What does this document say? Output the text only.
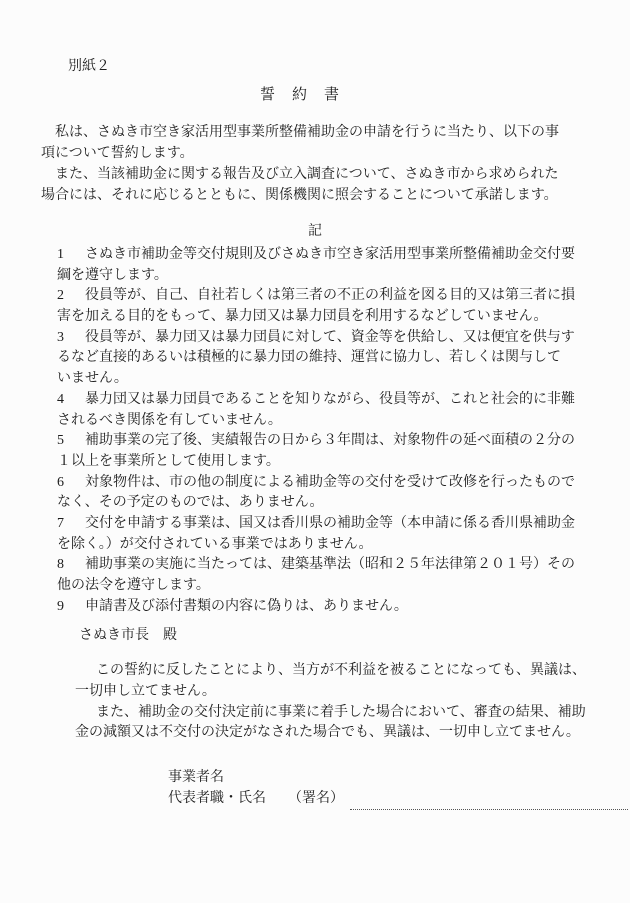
別紙２
誓　約　書
私は、さぬき市空き家活用型事業所整備補助金の申請を行うに当たり、以下の事
項について誓約します。
また、当該補助金に関する報告及び立入調査について、さぬき市から求められた
場合には、それに応じるとともに、関係機関に照会することについて承諾します。
記
1 さぬき市補助金等交付規則及びさぬき市空き家活用型事業所整備補助金交付要
綱を遵守します。
2 役員等が、自己、自社若しくは第三者の不正の利益を図る目的又は第三者に損
害を加える目的をもって、暴力団又は暴力団員を利用するなどしていません。
3 役員等が、暴力団又は暴力団員に対して、資金等を供給し、又は便宜を供与す
るなど直接的あるいは積極的に暴力団の維持、運営に協力し、若しくは関与して
いません。
4 暴力団又は暴力団員であることを知りながら、役員等が、これと社会的に非難
されるべき関係を有していません。
5 補助事業の完了後、実績報告の日から３年間は、対象物件の延べ面積の２分の
１以上を事業所として使用します。
6 対象物件は、市の他の制度による補助金等の交付を受けて改修を行ったもので
なく、その予定のものでは、ありません。
7 交付を申請する事業は、国又は香川県の補助金等（本申請に係る香川県補助金
を除く。）が交付されている事業ではありません。
8 補助事業の実施に当たっては、建築基準法（昭和２５年法律第２０１号）その
他の法令を遵守します。
9 申請書及び添付書類の内容に偽りは、ありません。
さぬき市長　殿
この誓約に反したことにより、当方が不利益を被ることになっても、異議は、
一切申し立てません。
また、補助金の交付決定前に事業に着手した場合において、審査の結果、補助
金の減額又は不交付の決定がなされた場合でも、異議は、一切申し立てません。
事業者名
代表者職・氏名 （署名）
